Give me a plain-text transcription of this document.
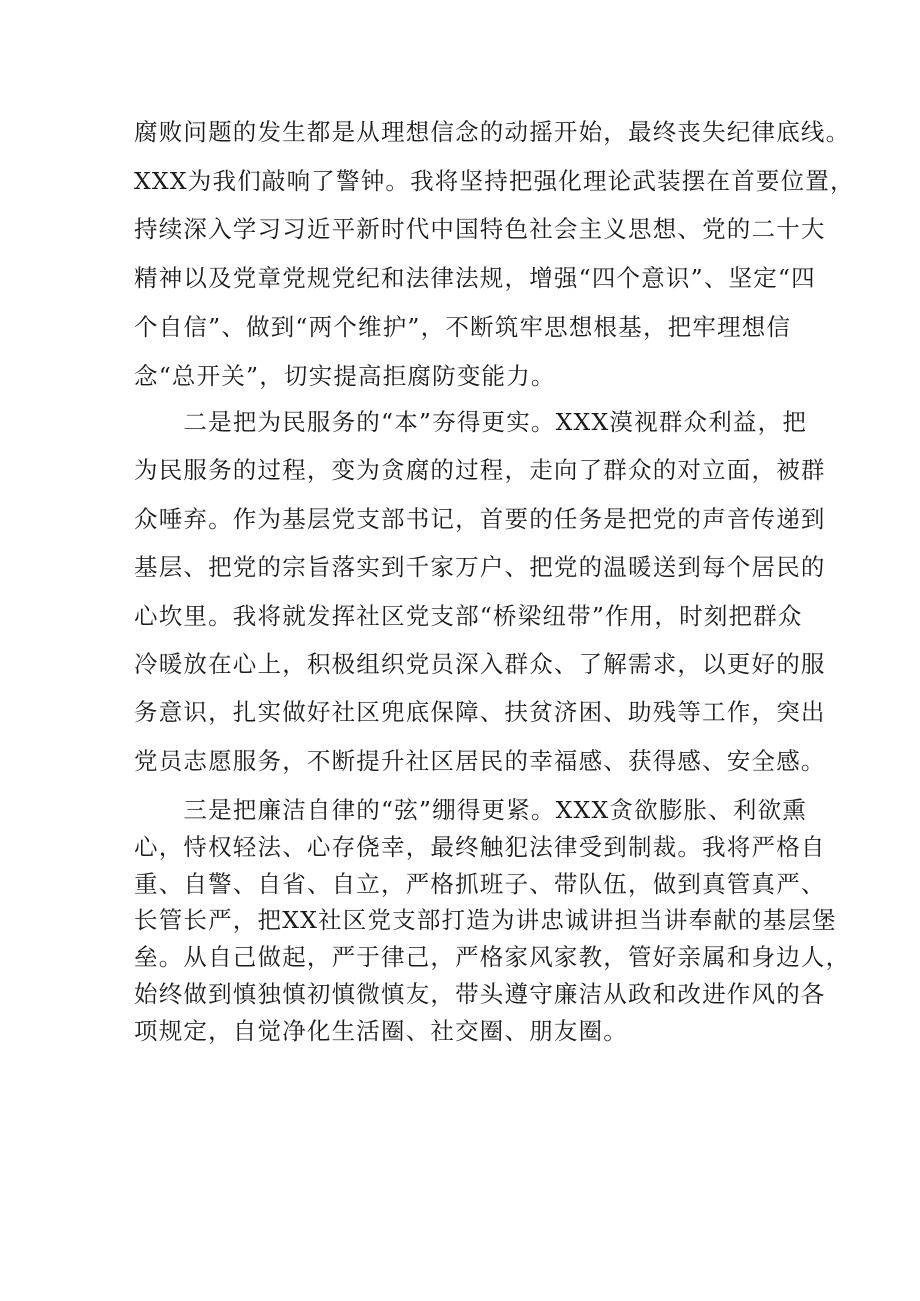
腐败问题的发生都是从理想信念的动摇开始，最终丧失纪律底线。
XXX为我们敲响了警钟。我将坚持把强化理论武装摆在首要位置，
持续深入学习习近平新时代中国特色社会主义思想、党的二十大
精神以及党章党规党纪和法律法规，增强“四个意识”、坚定“四
个自信”、做到“两个维护”，不断筑牢思想根基，把牢理想信
念“总开关”，切实提高拒腐防变能力。
　　二是把为民服务的“本”夯得更实。XXX漠视群众利益，把
为民服务的过程，变为贪腐的过程，走向了群众的对立面，被群
众唾弃。作为基层党支部书记，首要的任务是把党的声音传递到
基层、把党的宗旨落实到千家万户、把党的温暖送到每个居民的
心坎里。我将就发挥社区党支部“桥梁纽带”作用，时刻把群众
冷暖放在心上，积极组织党员深入群众、了解需求，以更好的服
务意识，扎实做好社区兜底保障、扶贫济困、助残等工作，突出
党员志愿服务，不断提升社区居民的幸福感、获得感、安全感。
　　三是把廉洁自律的“弦”绷得更紧。XXX贪欲膨胀、利欲熏
心，恃权轻法、心存侥幸，最终触犯法律受到制裁。我将严格自
重、自警、自省、自立，严格抓班子、带队伍，做到真管真严、
长管长严，把XX社区党支部打造为讲忠诚讲担当讲奉献的基层堡
垒。从自己做起，严于律己，严格家风家教，管好亲属和身边人，
始终做到慎独慎初慎微慎友，带头遵守廉洁从政和改进作风的各
项规定，自觉净化生活圈、社交圈、朋友圈。
